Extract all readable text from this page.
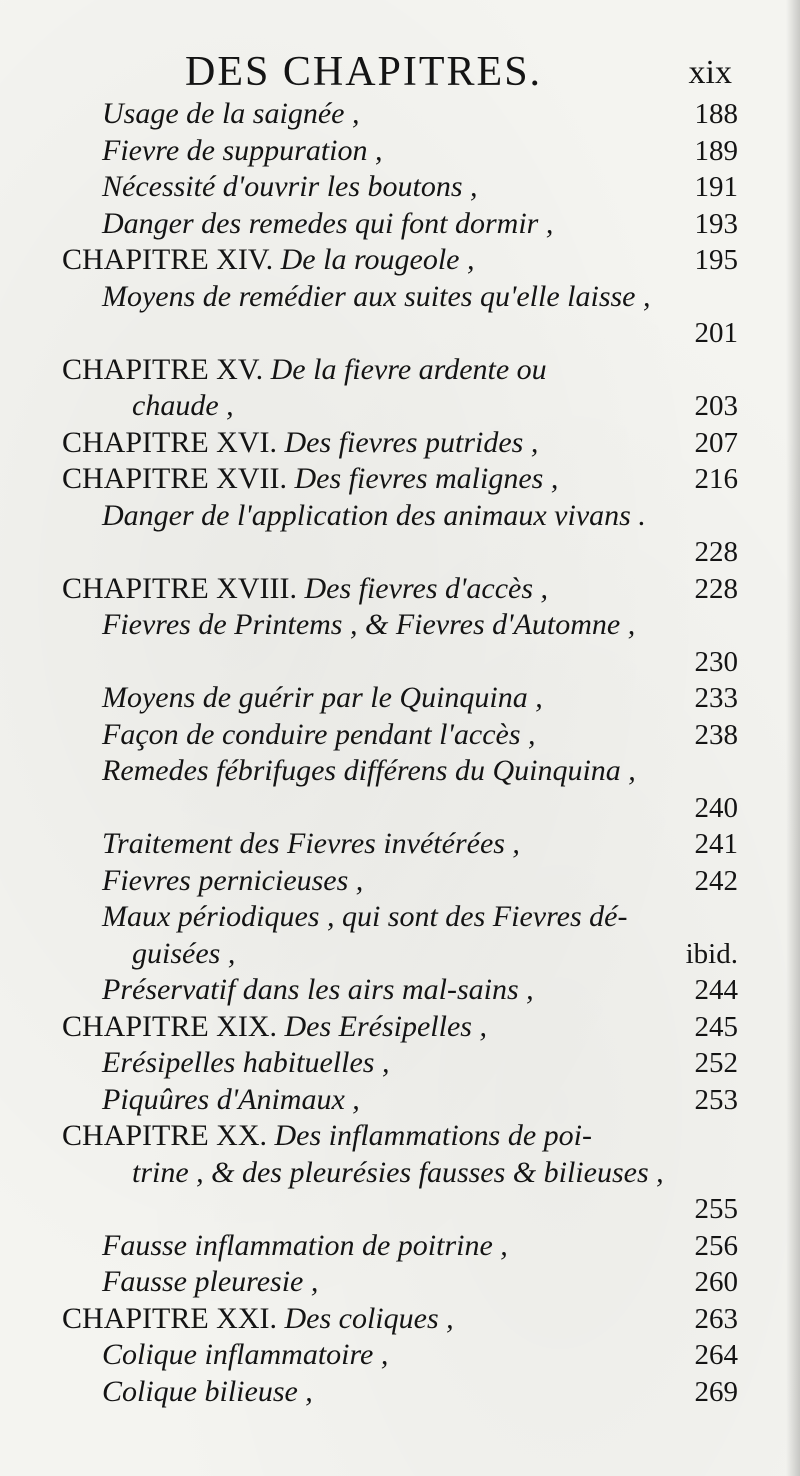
DES CHAPITRES.	xix
Usage de la saignée ,	188
Fievre de suppuration ,	189
Nécessité d'ouvrir les boutons ,	191
Danger des remedes qui font dormir ,	193
CHAPITRE XIV. De la rougeole ,	195
Moyens de remédier aux suites qu'elle laisse ,
201
CHAPITRE XV. De la fievre ardente ou
chaude ,	203
CHAPITRE XVI. Des fievres putrides ,	207
CHAPITRE XVII. Des fievres malignes ,	216
Danger de l'application des animaux vivans .
228
CHAPITRE XVIII. Des fievres d'accès ,	228
Fievres de Printems , & Fievres d'Automne ,
230
Moyens de guérir par le Quinquina ,	233
Façon de conduire pendant l'accès ,	238
Remedes fébrifuges différens du Quinquina ,
240
Traitement des Fievres invétérées ,	241
Fievres pernicieuses ,	242
Maux périodiques , qui sont des Fievres dé-
guisées ,	ibid.
Préservatif dans les airs mal-sains ,	244
CHAPITRE XIX. Des Erésipelles ,	245
Erésipelles habituelles ,	252
Piquûres d'Animaux ,	253
CHAPITRE XX. Des inflammations de poi-
trine , & des pleurésies fausses & bilieuses ,
255
Fausse inflammation de poitrine ,	256
Fausse pleuresie ,	260
CHAPITRE XXI. Des coliques ,	263
Colique inflammatoire ,	264
Colique bilieuse ,	269
